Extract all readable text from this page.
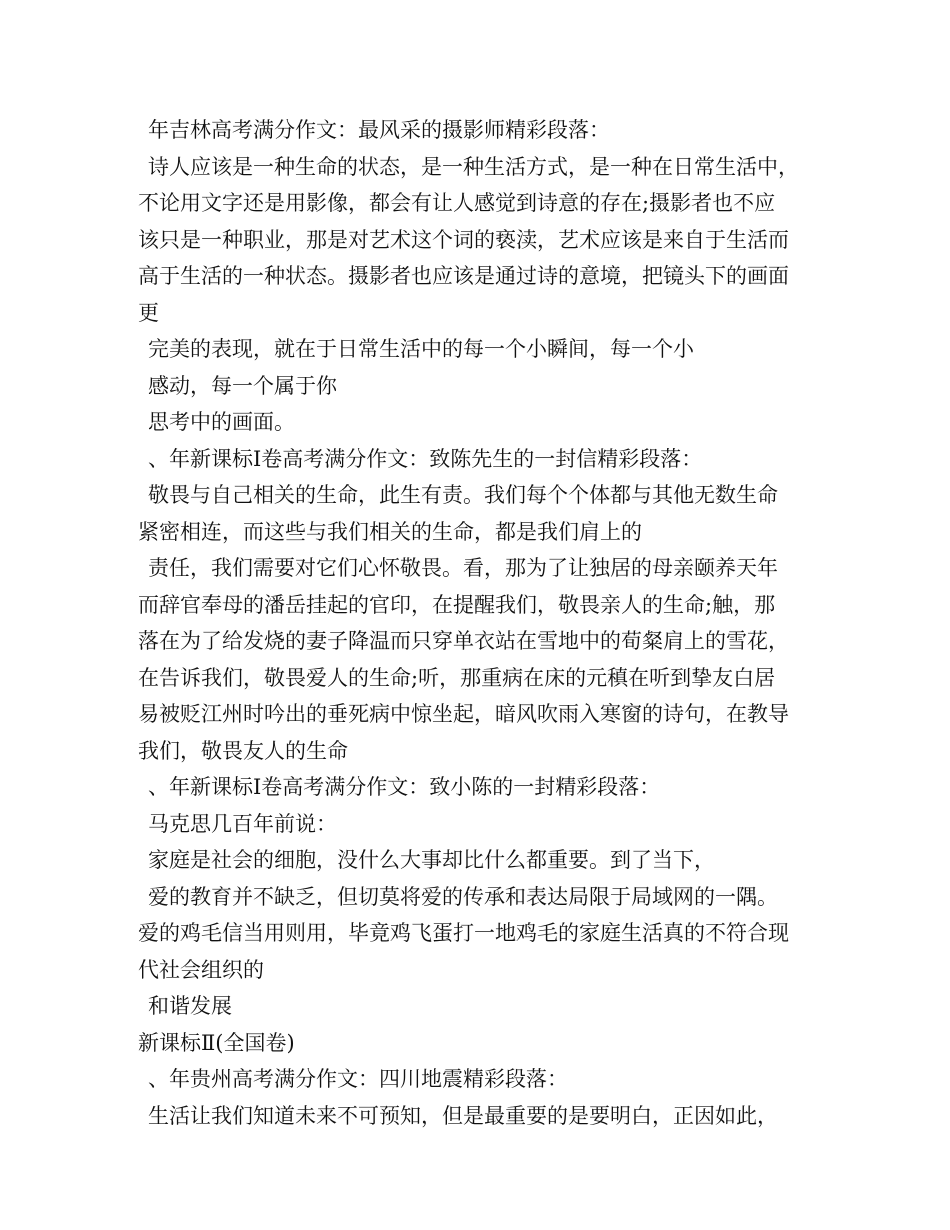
年吉林高考满分作文：最风采的摄影师精彩段落：
诗人应该是一种生命的状态，是一种生活方式，是一种在日常生活中，
不论用文字还是用影像，都会有让人感觉到诗意的存在;摄影者也不应
该只是一种职业，那是对艺术这个词的亵渎，艺术应该是来自于生活而
高于生活的一种状态。摄影者也应该是通过诗的意境，把镜头下的画面
更
完美的表现，就在于日常生活中的每一个小瞬间，每一个小
感动，每一个属于你
思考中的画面。
、年新课标Ⅰ卷高考满分作文：致陈先生的一封信精彩段落：
敬畏与自己相关的生命，此生有责。我们每个个体都与其他无数生命
紧密相连，而这些与我们相关的生命，都是我们肩上的
责任，我们需要对它们心怀敬畏。看，那为了让独居的母亲颐养天年
而辞官奉母的潘岳挂起的官印，在提醒我们，敬畏亲人的生命;触，那
落在为了给发烧的妻子降温而只穿单衣站在雪地中的荀粲肩上的雪花，
在告诉我们，敬畏爱人的生命;听，那重病在床的元稹在听到挚友白居
易被贬江州时吟出的垂死病中惊坐起，暗风吹雨入寒窗的诗句，在教导
我们，敬畏友人的生命
、年新课标Ⅰ卷高考满分作文：致小陈的一封精彩段落：
马克思几百年前说：
家庭是社会的细胞，没什么大事却比什么都重要。到了当下，
爱的教育并不缺乏，但切莫将爱的传承和表达局限于局域网的一隅。
爱的鸡毛信当用则用，毕竟鸡飞蛋打一地鸡毛的家庭生活真的不符合现
代社会组织的
和谐发展
新课标Ⅱ(全国卷)
、年贵州高考满分作文：四川地震精彩段落：
生活让我们知道未来不可预知，但是最重要的是要明白，正因如此，
